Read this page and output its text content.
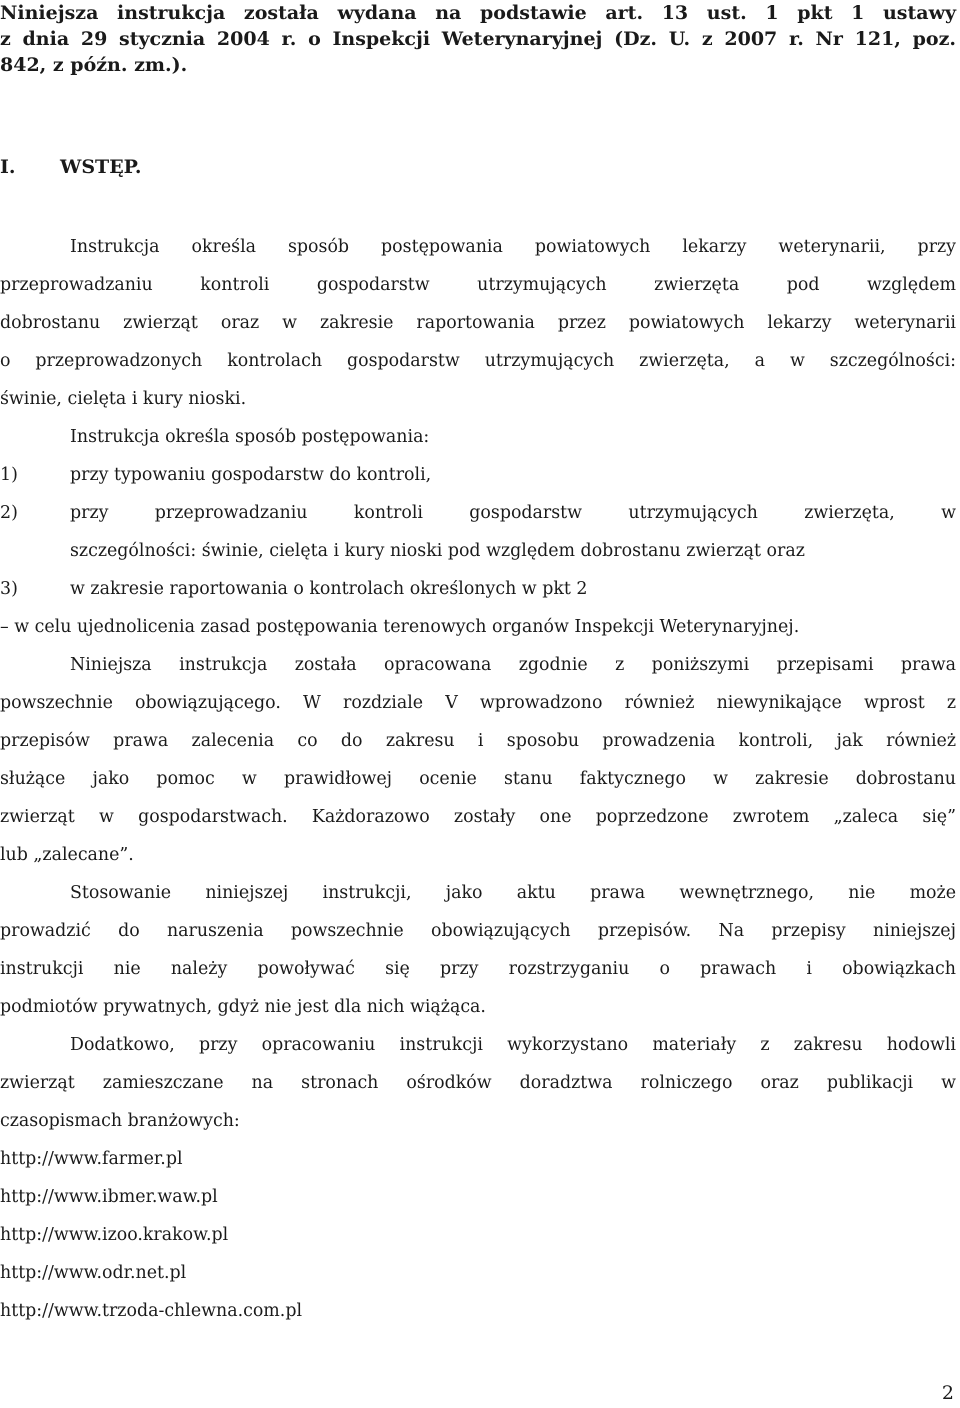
Niniejsza instrukcja została wydana na podstawie art. 13 ust. 1 pkt 1 ustawy
z dnia 29 stycznia 2004 r. o Inspekcji Weterynaryjnej (Dz. U. z 2007 r. Nr 121, poz.
842, z późn. zm.).
I. WSTĘP.
Instrukcja określa sposób postępowania powiatowych lekarzy weterynarii, przy
przeprowadzaniu kontroli gospodarstw utrzymujących zwierzęta pod względem
dobrostanu zwierząt oraz w zakresie raportowania przez powiatowych lekarzy weterynarii
o przeprowadzonych kontrolach gospodarstw utrzymujących zwierzęta, a w szczególności:
świnie, cielęta i kury nioski.
Instrukcja określa sposób postępowania:
1)	przy typowaniu gospodarstw do kontroli,
2)	przy przeprowadzaniu kontroli gospodarstw utrzymujących zwierzęta, w
szczególności: świnie, cielęta i kury nioski pod względem dobrostanu zwierząt oraz
3)	w zakresie raportowania o kontrolach określonych w pkt 2
– w celu ujednolicenia zasad postępowania terenowych organów Inspekcji Weterynaryjnej.
Niniejsza instrukcja została opracowana zgodnie z poniższymi przepisami prawa
powszechnie obowiązującego. W rozdziale V wprowadzono również niewynikające wprost z
przepisów prawa zalecenia co do zakresu i sposobu prowadzenia kontroli, jak również
służące jako pomoc w prawidłowej ocenie stanu faktycznego w zakresie dobrostanu
zwierząt w gospodarstwach. Każdorazowo zostały one poprzedzone zwrotem „zaleca się”
lub „zalecane”.
Stosowanie niniejszej instrukcji, jako aktu prawa wewnętrznego, nie może
prowadzić do naruszenia powszechnie obowiązujących przepisów. Na przepisy niniejszej
instrukcji nie należy powoływać się przy rozstrzyganiu o prawach i obowiązkach
podmiotów prywatnych, gdyż nie jest dla nich wiążąca.
Dodatkowo, przy opracowaniu instrukcji wykorzystano materiały z zakresu hodowli
zwierząt zamieszczane na stronach ośrodków doradztwa rolniczego oraz publikacji w
czasopismach branżowych:
http://www.farmer.pl
http://www.ibmer.waw.pl
http://www.izoo.krakow.pl
http://www.odr.net.pl
http://www.trzoda-chlewna.com.pl
2
